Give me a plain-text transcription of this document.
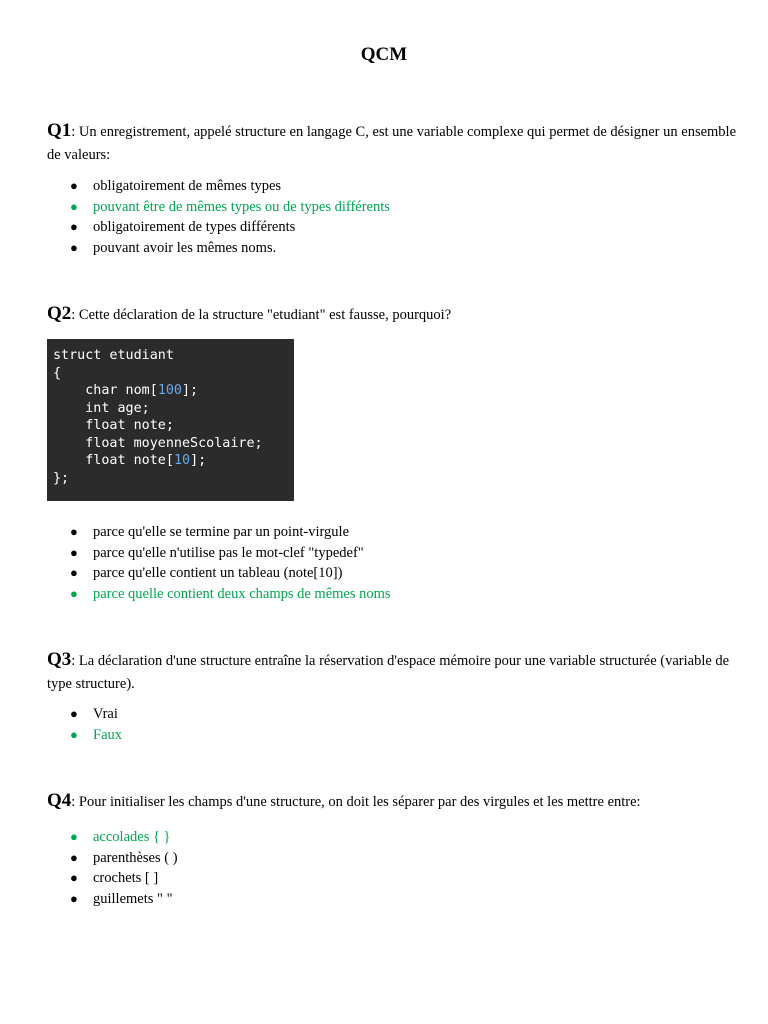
QCM
Q1: Un enregistrement, appelé structure en langage C, est une variable complexe qui permet de désigner un ensemble de valeurs:
● obligatoirement de mêmes types
● pouvant être de mêmes types ou de types différents
● obligatoirement de types différents
● pouvant avoir les mêmes noms.
Q2: Cette déclaration de la structure "etudiant" est fausse, pourquoi?
struct etudiant
{
char nom[100];
int age;
float note;
float moyenneScolaire;
float note[10];
};
● parce qu'elle se termine par un point-virgule
● parce qu'elle n'utilise pas le mot-clef "typedef"
● parce qu'elle contient un tableau (note[10])
● parce quelle contient deux champs de mêmes noms
Q3: La déclaration d'une structure entraîne la réservation d'espace mémoire pour une variable structurée (variable de type structure).
● Vrai
● Faux
Q4: Pour initialiser les champs d'une structure, on doit les séparer par des virgules et les mettre entre:
● accolades { }
● parenthèses ( )
● crochets [ ]
● guillemets " "
